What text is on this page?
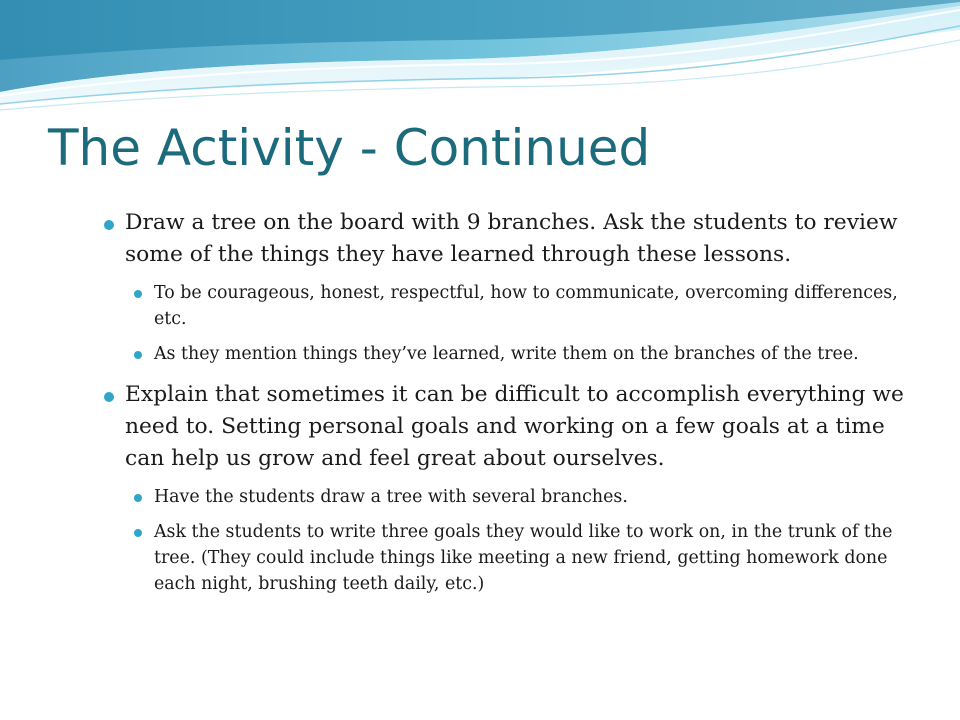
The Activity - Continued
Draw a tree on the board with 9 branches. Ask the students to review some of the things they have learned through these lessons.
To be courageous, honest, respectful, how to communicate, overcoming differences, etc.
As they mention things they’ve learned, write them on the branches of the tree.
Explain that sometimes it can be difficult to accomplish everything we need to. Setting personal goals and working on a few goals at a time can help us grow and feel great about ourselves.
Have the students draw a tree with several branches.
Ask the students to write three goals they would like to work on, in the trunk of the tree. (They could include things like meeting a new friend, getting homework done each night, brushing teeth daily, etc.)
